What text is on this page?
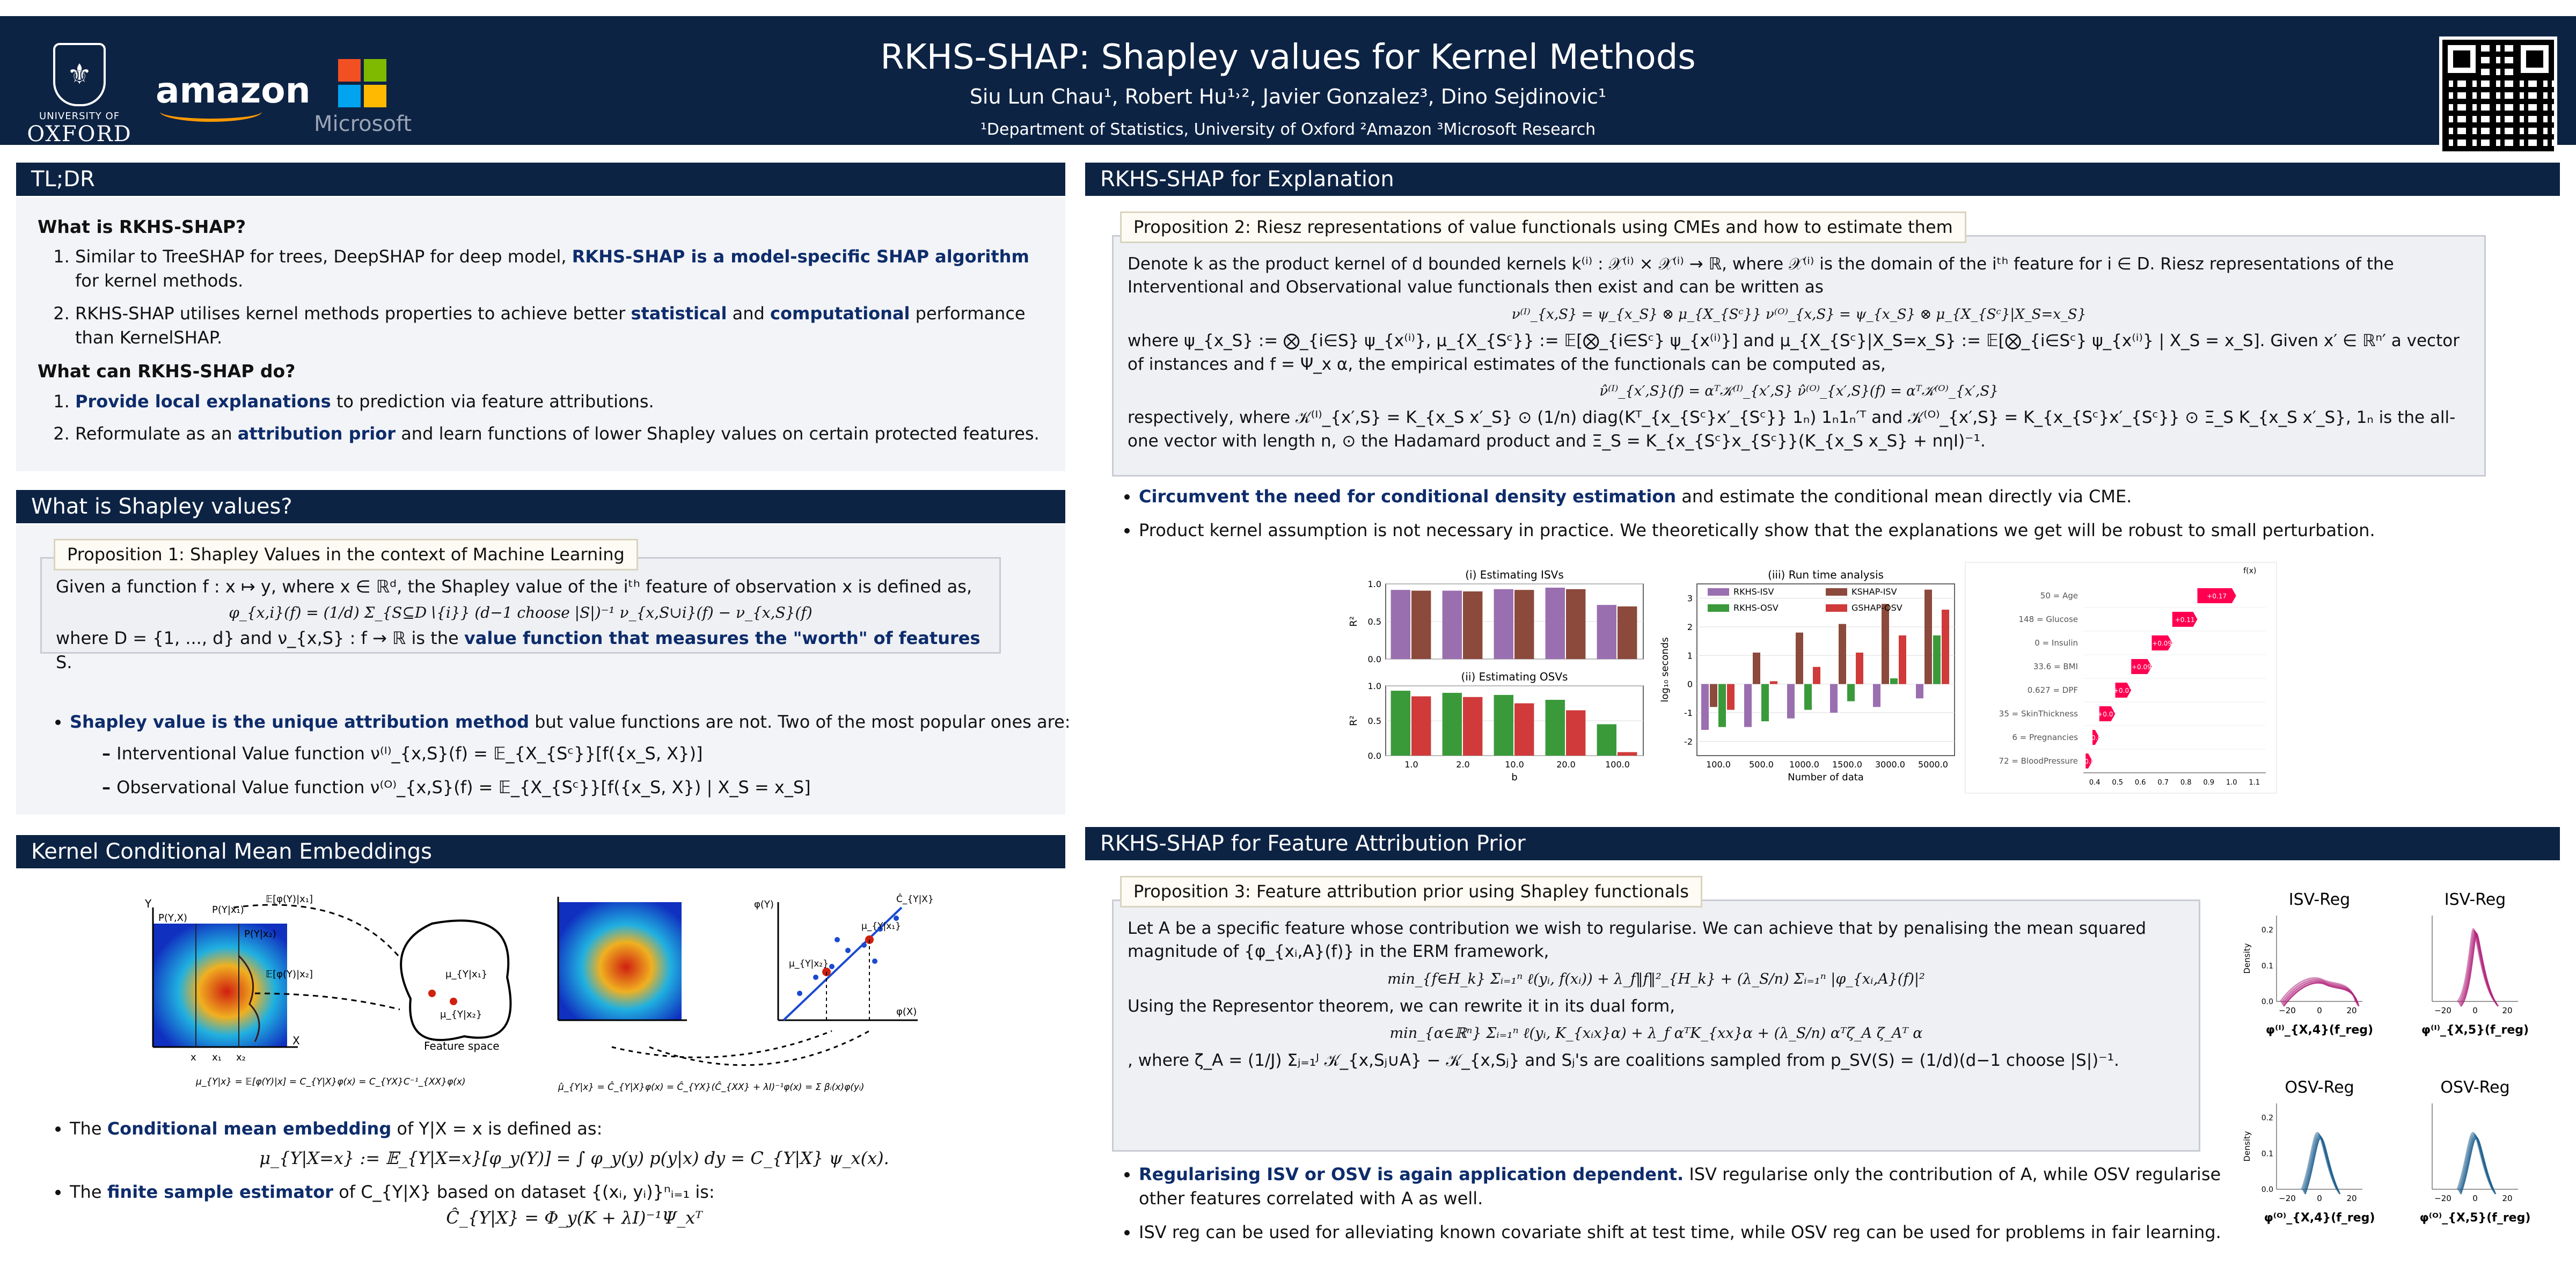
⚜
UNIVERSITY OF
OXFORD
amazon
Microsoft
RKHS-SHAP: Shapley values for Kernel Methods
Siu Lun Chau¹, Robert Hu¹˒², Javier Gonzalez³, Dino Sejdinovic¹
¹Department of Statistics, University of Oxford ²Amazon ³Microsoft Research
TL;DR
What is RKHS-SHAP?
1. Similar to TreeSHAP for trees, DeepSHAP for deep model, RKHS-SHAP is a model-specific SHAP algorithm for kernel methods.
2. RKHS-SHAP utilises kernel methods properties to achieve better statistical and computational performance than KernelSHAP.
What can RKHS-SHAP do?
1. Provide local explanations to prediction via feature attributions.
2. Reformulate as an attribution prior and learn functions of lower Shapley values on certain protected features.
What is Shapley values?
Given a function f : x ↦ y, where x ∈ ℝᵈ, the Shapley value of the iᵗʰ feature of observation x is defined as,
φ_{x,i}(f) = (1/d) Σ_{S⊆D∖{i}} (d−1 choose |S|)⁻¹ ν_{x,S∪i}(f) − ν_{x,S}(f)
where D = {1, ..., d} and ν_{x,S} : f → ℝ is the value function that measures the "worth" of features S.
Proposition 1: Shapley Values in the context of Machine Learning
• Shapley value is the unique attribution method but value functions are not. Two of the most popular ones are:
– Interventional Value function ν⁽ᴵ⁾_{x,S}(f) = 𝔼_{X_{Sᶜ}}[f({x_S, X})]
– Observational Value function ν⁽ᴼ⁾_{x,S}(f) = 𝔼_{X_{Sᶜ}}[f({x_S, X}) | X_S = x_S]
Kernel Conditional Mean Embeddings
Y
P(Y,X)
P(Y|x₁)
P(Y|x₂)
𝔼[φ(Y)|x₁]
𝔼[φ(Y)|x₂]	μ_{Y|x₁}
μ_{Y|x₂}
Feature space
x x₁ x₂
X
μ_{Y|x} = 𝔼[φ(Y)|x] = C_{Y|X}φ(x) = C_{YX}C⁻¹_{XX}φ(x)
φ(Y)
φ(X)
μ_{Y|x₁}
μ_{Y|x₂}
Ĉ_{Y|X}
μ̂_{Y|x} = Ĉ_{Y|X}φ(x) = Ĉ_{YX}(Ĉ_{XX} + λI)⁻¹φ(x) = Σ βᵢ(x)φ(yᵢ)
• The Conditional mean embedding of Y|X = x is defined as:
μ_{Y|X=x} := 𝔼_{Y|X=x}[φ_y(Y)] = ∫ φ_y(y) p(y|x) dy = C_{Y|X} ψ_x(x).
• The finite sample estimator of C_{Y|X} based on dataset {(xᵢ, yᵢ)}ⁿᵢ₌₁ is:
Ĉ_{Y|X} = Φ_y(K + λI)⁻¹Ψ_xᵀ
RKHS-SHAP for Explanation
Denote k as the product kernel of d bounded kernels k⁽ⁱ⁾ : 𝒳⁽ⁱ⁾ × 𝒳⁽ⁱ⁾ → ℝ, where 𝒳⁽ⁱ⁾ is the domain of the iᵗʰ feature for i ∈ D. Riesz representations of the Interventional and Observational value functionals then exist and can be written as
ν⁽ᴵ⁾_{x,S} = ψ_{x_S} ⊗ μ_{X_{Sᶜ}} ν⁽ᴼ⁾_{x,S} = ψ_{x_S} ⊗ μ_{X_{Sᶜ}|X_S=x_S}
where ψ_{x_S} := ⨂_{i∈S} ψ_{x⁽ⁱ⁾}, μ_{X_{Sᶜ}} := 𝔼[⨂_{i∈Sᶜ} ψ_{x⁽ⁱ⁾}] and μ_{X_{Sᶜ}|X_S=x_S} := 𝔼[⨂_{i∈Sᶜ} ψ_{x⁽ⁱ⁾} | X_S = x_S]. Given x′ ∈ ℝⁿ′ a vector of instances and f = Ψ_x α, the empirical estimates of the functionals can be computed as,
ν̂⁽ᴵ⁾_{x′,S}(f) = αᵀ𝒦⁽ᴵ⁾_{x′,S} ν̂⁽ᴼ⁾_{x′,S}(f) = αᵀ𝒦⁽ᴼ⁾_{x′,S}
respectively, where 𝒦⁽ᴵ⁾_{x′,S} = K_{x_S x′_S} ⊙ (1/n) diag(Kᵀ_{x_{Sᶜ}x′_{Sᶜ}} 1ₙ) 1ₙ1ₙ′ᵀ and 𝒦⁽ᴼ⁾_{x′,S} = K_{x_{Sᶜ}x′_{Sᶜ}} ⊙ Ξ_S K_{x_S x′_S}, 1ₙ is the all-one vector with length n, ⊙ the Hadamard product and Ξ_S = K_{x_{Sᶜ}x_{Sᶜ}}(K_{x_S x_S} + nηI)⁻¹.
Proposition 2: Riesz representations of value functionals using CMEs and how to estimate them
• Circumvent the need for conditional density estimation and estimate the conditional mean directly via CME.
• Product kernel assumption is not necessary in practice. We theoretically show that the explanations we get will be robust to small perturbation.
(i) Estimating ISVs
0.0
0.5
1.0
R²
(ii) Estimating OSVs
0.0
0.5
1.0
R²
1.0	2.0	10.0	20.0	100.0
b
(iii) Run time analysis
-2
-1
0
1
2
3
log₁₀ seconds
100.0 500.0 1000.0 1500.0 3000.0 5000.0
Number of data
RKHS-ISV	KSHAP-ISV
RKHS-OSV	GSHAP-OSV
f(x)
50 = Age	+0.17
148 = Glucose	+0.11
0 = Insulin	+0.09
33.6 = BMI	+0.09
0.627 = DPF	+0.07
35 = SkinThickness	+0.07
6 = Pregnancies +0.03
72 = BloodPressure +0.03
0.4 0.5 0.6 0.7 0.8 0.9 1.0 1.1
RKHS-SHAP for Feature Attribution Prior
Let A be a specific feature whose contribution we wish to regularise. We can achieve that by penalising the mean squared magnitude of {φ_{xᵢ,A}(f)} in the ERM framework,
min_{f∈H_k} Σᵢ₌₁ⁿ ℓ(yᵢ, f(xᵢ)) + λ_f‖f‖²_{H_k} + (λ_S/n) Σᵢ₌₁ⁿ |φ_{xᵢ,A}(f)|²
Using the Representor theorem, we can rewrite it in its dual form,
min_{α∈ℝⁿ} Σᵢ₌₁ⁿ ℓ(yᵢ, K_{xᵢx}α) + λ_f αᵀK_{xx}α + (λ_S/n) αᵀζ_A ζ_Aᵀ α
, where ζ_A = (1/J) Σⱼ₌₁ᴶ 𝒦_{x,Sⱼ∪A} − 𝒦_{x,Sⱼ} and Sⱼ's are coalitions sampled from p_SV(S) = (1/d)(d−1 choose |S|)⁻¹.
Proposition 3: Feature attribution prior using Shapley functionals
• Regularising ISV or OSV is again application dependent. ISV regularise only the contribution of A, while OSV regularise other features correlated with A as well.
• ISV reg can be used for alleviating known covariate shift at test time, while OSV reg can be used for problems in fair learning.
ISV-Reg
0.0
0.1
0.2
Density
−20	0	20
φ⁽ᴵ⁾_{X,4}(f_reg)
ISV-Reg
−20	0	20
φ⁽ᴵ⁾_{X,5}(f_reg)
OSV-Reg
0.0
0.1
0.2
Density
−20	0	20
φ⁽ᴼ⁾_{X,4}(f_reg)
OSV-Reg
−20	0	20
φ⁽ᴼ⁾_{X,5}(f_reg)
